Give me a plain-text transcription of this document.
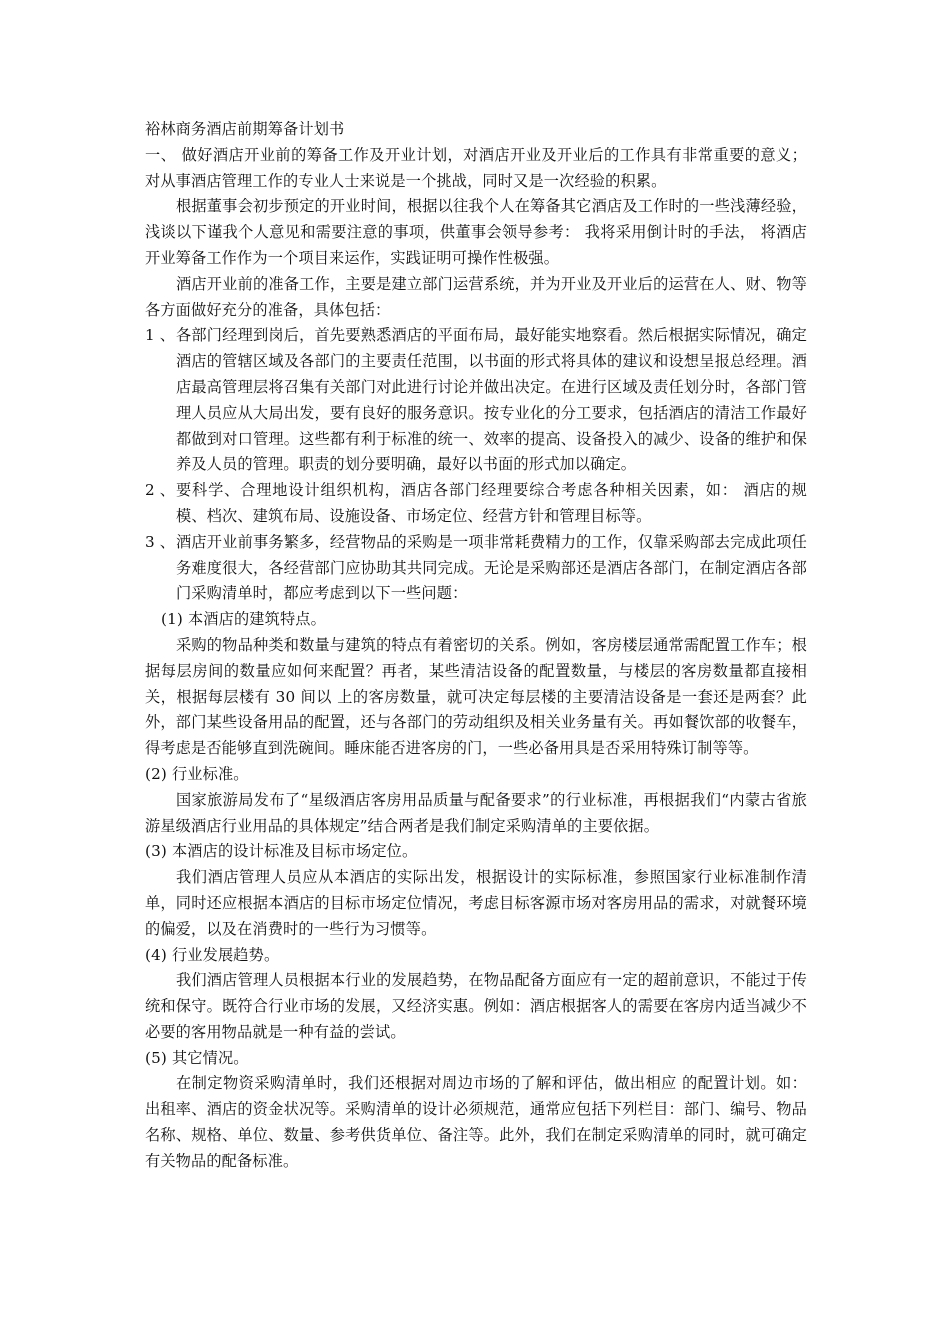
裕林商务酒店前期筹备计划书

一、 做好酒店开业前的筹备工作及开业计划，对酒店开业及开业后的工作具有非常重要的意义；对从事酒店管理工作的专业人士来说是一个挑战，同时又是一次经验的积累。

根据董事会初步预定的开业时间，根据以往我个人在筹备其它酒店及工作时的一些浅薄经验，浅谈以下谨我个人意见和需要注意的事项，供董事会领导参考： 我将采用倒计时的手法， 将酒店开业筹备工作作为一个项目来运作，实践证明可操作性极强。

酒店开业前的准备工作，主要是建立部门运营系统，并为开业及开业后的运营在人、财、物等各方面做好充分的准备，具体包括：

1 、 各部门经理到岗后，首先要熟悉酒店的平面布局，最好能实地察看。然后根据实际情况，确定酒店的管辖区域及各部门的主要责任范围，以书面的形式将具体的建议和设想呈报总经理。酒店最高管理层将召集有关部门对此进行讨论并做出决定。在进行区域及责任划分时，各部门管理人员应从大局出发，要有良好的服务意识。按专业化的分工要求，包括酒店的清洁工作最好都做到对口管理。这些都有利于标准的统一、效率的提高、设备投入的减少、设备的维护和保养及人员的管理。职责的划分要明确，最好以书面的形式加以确定。
2 、 要科学、合理地设计组织机构，酒店各部门经理要综合考虑各种相关因素，如： 酒店的规模、档次、建筑布局、设施设备、市场定位、经营方针和管理目标等。
3 、 酒店开业前事务繁多，经营物品的采购是一项非常耗费精力的工作，仅靠采购部去完成此项任务难度很大，各经营部门应协助其共同完成。无论是采购部还是酒店各部门，在制定酒店各部门采购清单时，都应考虑到以下一些问题：

(1) 本酒店的建筑特点。

采购的物品种类和数量与建筑的特点有着密切的关系。例如，客房楼层通常需配置工作车；根据每层房间的数量应如何来配置？再者，某些清洁设备的配置数量，与楼层的客房数量都直接相关，根据每层楼有 30 间以 上的客房数量，就可决定每层楼的主要清洁设备是一套还是两套？此外，部门某些设备用品的配置，还与各部门的劳动组织及相关业务量有关。再如餐饮部的收餐车，得考虑是否能够直到洗碗间。睡床能否进客房的门，一些必备用具是否采用特殊订制等等。

(2) 行业标准。

国家旅游局发布了“星级酒店客房用品质量与配备要求”的行业标准，再根据我们“内蒙古省旅游星级酒店行业用品的具体规定”结合两者是我们制定采购清单的主要依据。

(3) 本酒店的设计标准及目标市场定位。

我们酒店管理人员应从本酒店的实际出发，根据设计的实际标准，参照国家行业标准制作清单，同时还应根据本酒店的目标市场定位情况，考虑目标客源市场对客房用品的需求，对就餐环境的偏爱，以及在消费时的一些行为习惯等。

(4) 行业发展趋势。

我们酒店管理人员根据本行业的发展趋势，在物品配备方面应有一定的超前意识，不能过于传统和保守。既符合行业市场的发展，又经济实惠。例如：酒店根据客人的需要在客房内适当减少不必要的客用物品就是一种有益的尝试。

(5) 其它情况。

在制定物资采购清单时，我们还根据对周边市场的了解和评估，做出相应 的配置计划。如：出租率、酒店的资金状况等。采购清单的设计必须规范，通常应包括下列栏目：部门、编号、物品名称、规格、单位、数量、参考供货单位、备注等。此外，我们在制定采购清单的同时，就可确定有关物品的配备标准。
